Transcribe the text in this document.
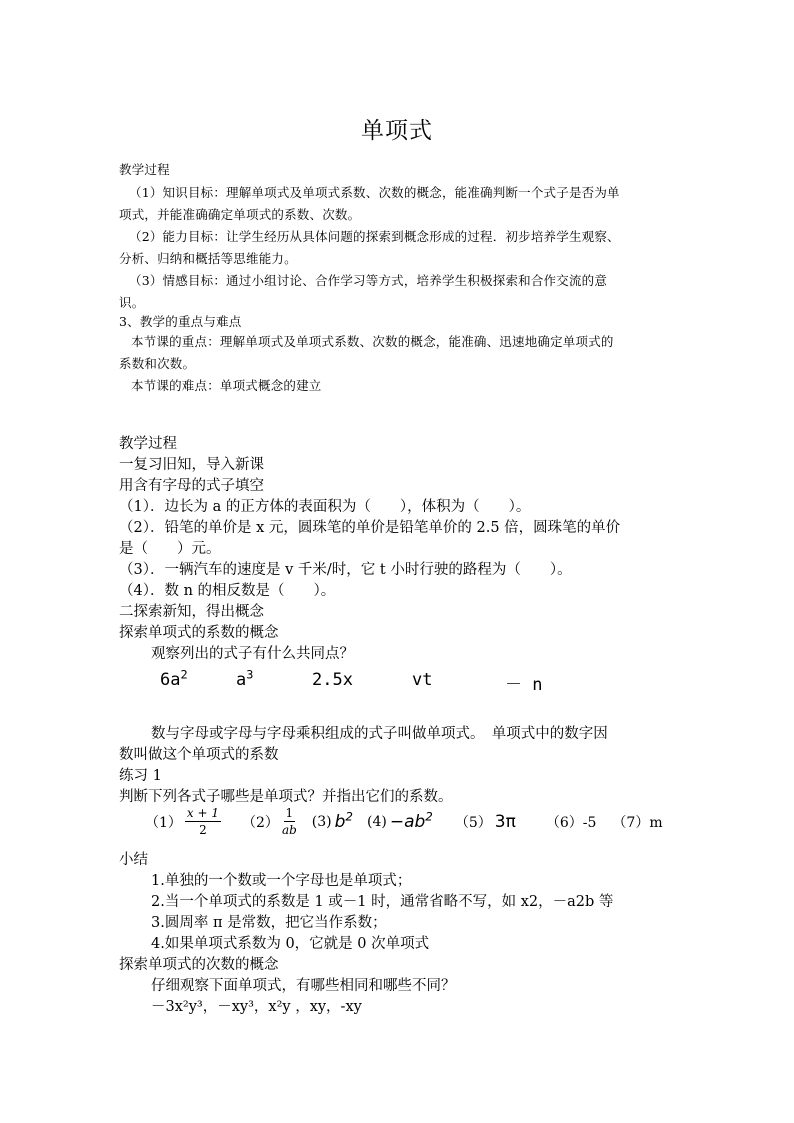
单项式
教学过程
（1）知识目标：理解单项式及单项式系数、次数的概念，能准确判断一个式子是否为单
项式，并能准确确定单项式的系数、次数。
（2）能力目标：让学生经历从具体问题的探索到概念形成的过程．初步培养学生观察、
分析、归纳和概括等思维能力。
（3）情感目标：通过小组讨论、合作学习等方式，培养学生积极探索和合作交流的意
识。
3、教学的重点与难点
本节课的重点：理解单项式及单项式系数、次数的概念，能准确、迅速地确定单项式的
系数和次数。
本节课的难点：单项式概念的建立
教学过程
一复习旧知，导入新课
用含有字母的式子填空
（1）．边长为 a 的正方体的表面积为（　　），体积为（　　）。
（2）．铅笔的单价是 x 元，圆珠笔的单价是铅笔单价的 2.5 倍，圆珠笔的单价
是（　　）元。
（3）．一辆汽车的速度是 v 千米/时，它 t 小时行驶的路程为（　　）。
（4）．数 n 的相反数是（　　）。
二探索新知，得出概念
探索单项式的系数的概念
观察列出的式子有什么共同点？
$6a^2$	$a^3$	2.5x	vt	－ n
数与字母或字母与字母乘积组成的式子叫做单项式。　单项式中的数字因
数叫做这个单项式的系数
练习 1
判断下列各式子哪些是单项式？并指出它们的系数。
$(1) \frac{x + 1}{2} (2) \frac{1}{ab} (3)$ $b^2$ $(4) -ab^2$ （5） 3π （6）-5 （7）m
小结
1.单独的一个数或一个字母也是单项式；
2.当一个单项式的系数是 1 或－1 时，通常省略不写，如 x2，－a2b 等
3.圆周率 π 是常数，把它当作系数；
4.如果单项式系数为 0，它就是 0 次单项式
探索单项式的次数的概念
仔细观察下面单项式，有哪些相同和哪些不同？
－3x²y³，－xy³，x²y ，xy，-xy
